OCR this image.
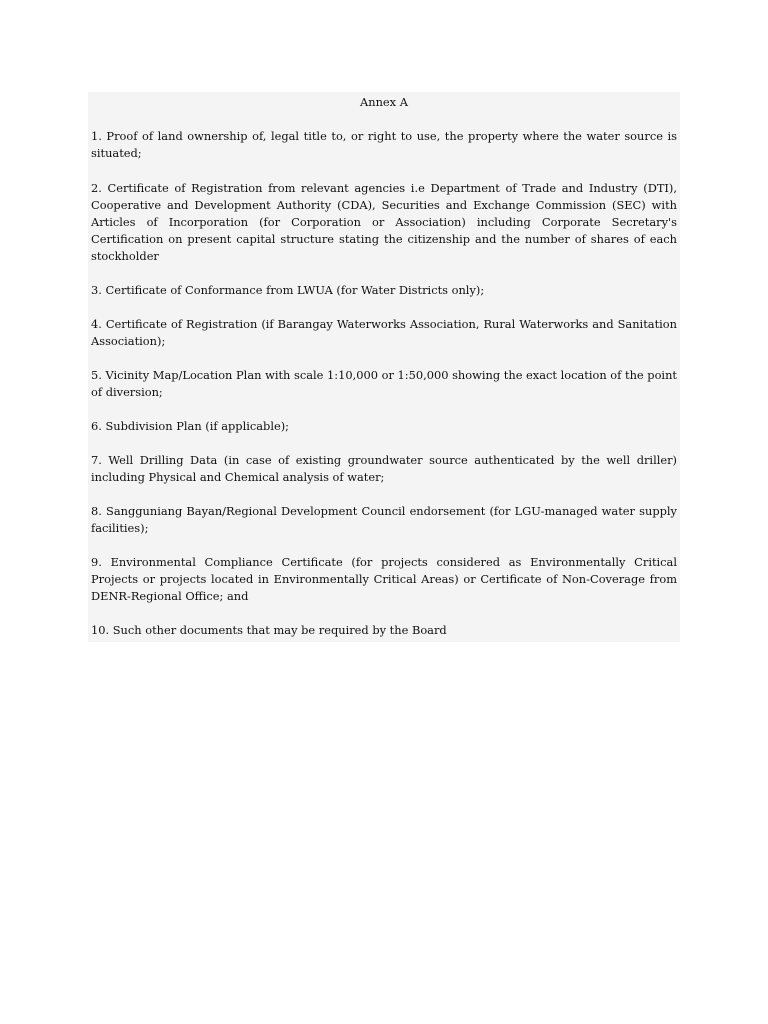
Annex A

1. Proof of land ownership of, legal title to, or right to use, the property where the water source is situated;
2. Certificate of Registration from relevant agencies i.e Department of Trade and Industry (DTI), Cooperative and Development Authority (CDA), Securities and Exchange Commission (SEC) with Articles of Incorporation (for Corporation or Association) including Corporate Secretary's Certification on present capital structure stating the citizenship and the number of shares of each stockholder
3. Certificate of Conformance from LWUA (for Water Districts only);
4. Certificate of Registration (if Barangay Waterworks Association, Rural Waterworks and Sanitation Association);
5. Vicinity Map/Location Plan with scale 1:10,000 or 1:50,000 showing the exact location of the point of diversion;
6. Subdivision Plan (if applicable);
7. Well Drilling Data (in case of existing groundwater source authenticated by the well driller) including Physical and Chemical analysis of water;
8. Sangguniang Bayan/Regional Development Council endorsement (for LGU-managed water supply facilities);
9. Environmental Compliance Certificate (for projects considered as Environmentally Critical Projects or projects located in Environmentally Critical Areas) or Certificate of Non-Coverage from DENR-Regional Office; and
10. Such other documents that may be required by the Board
